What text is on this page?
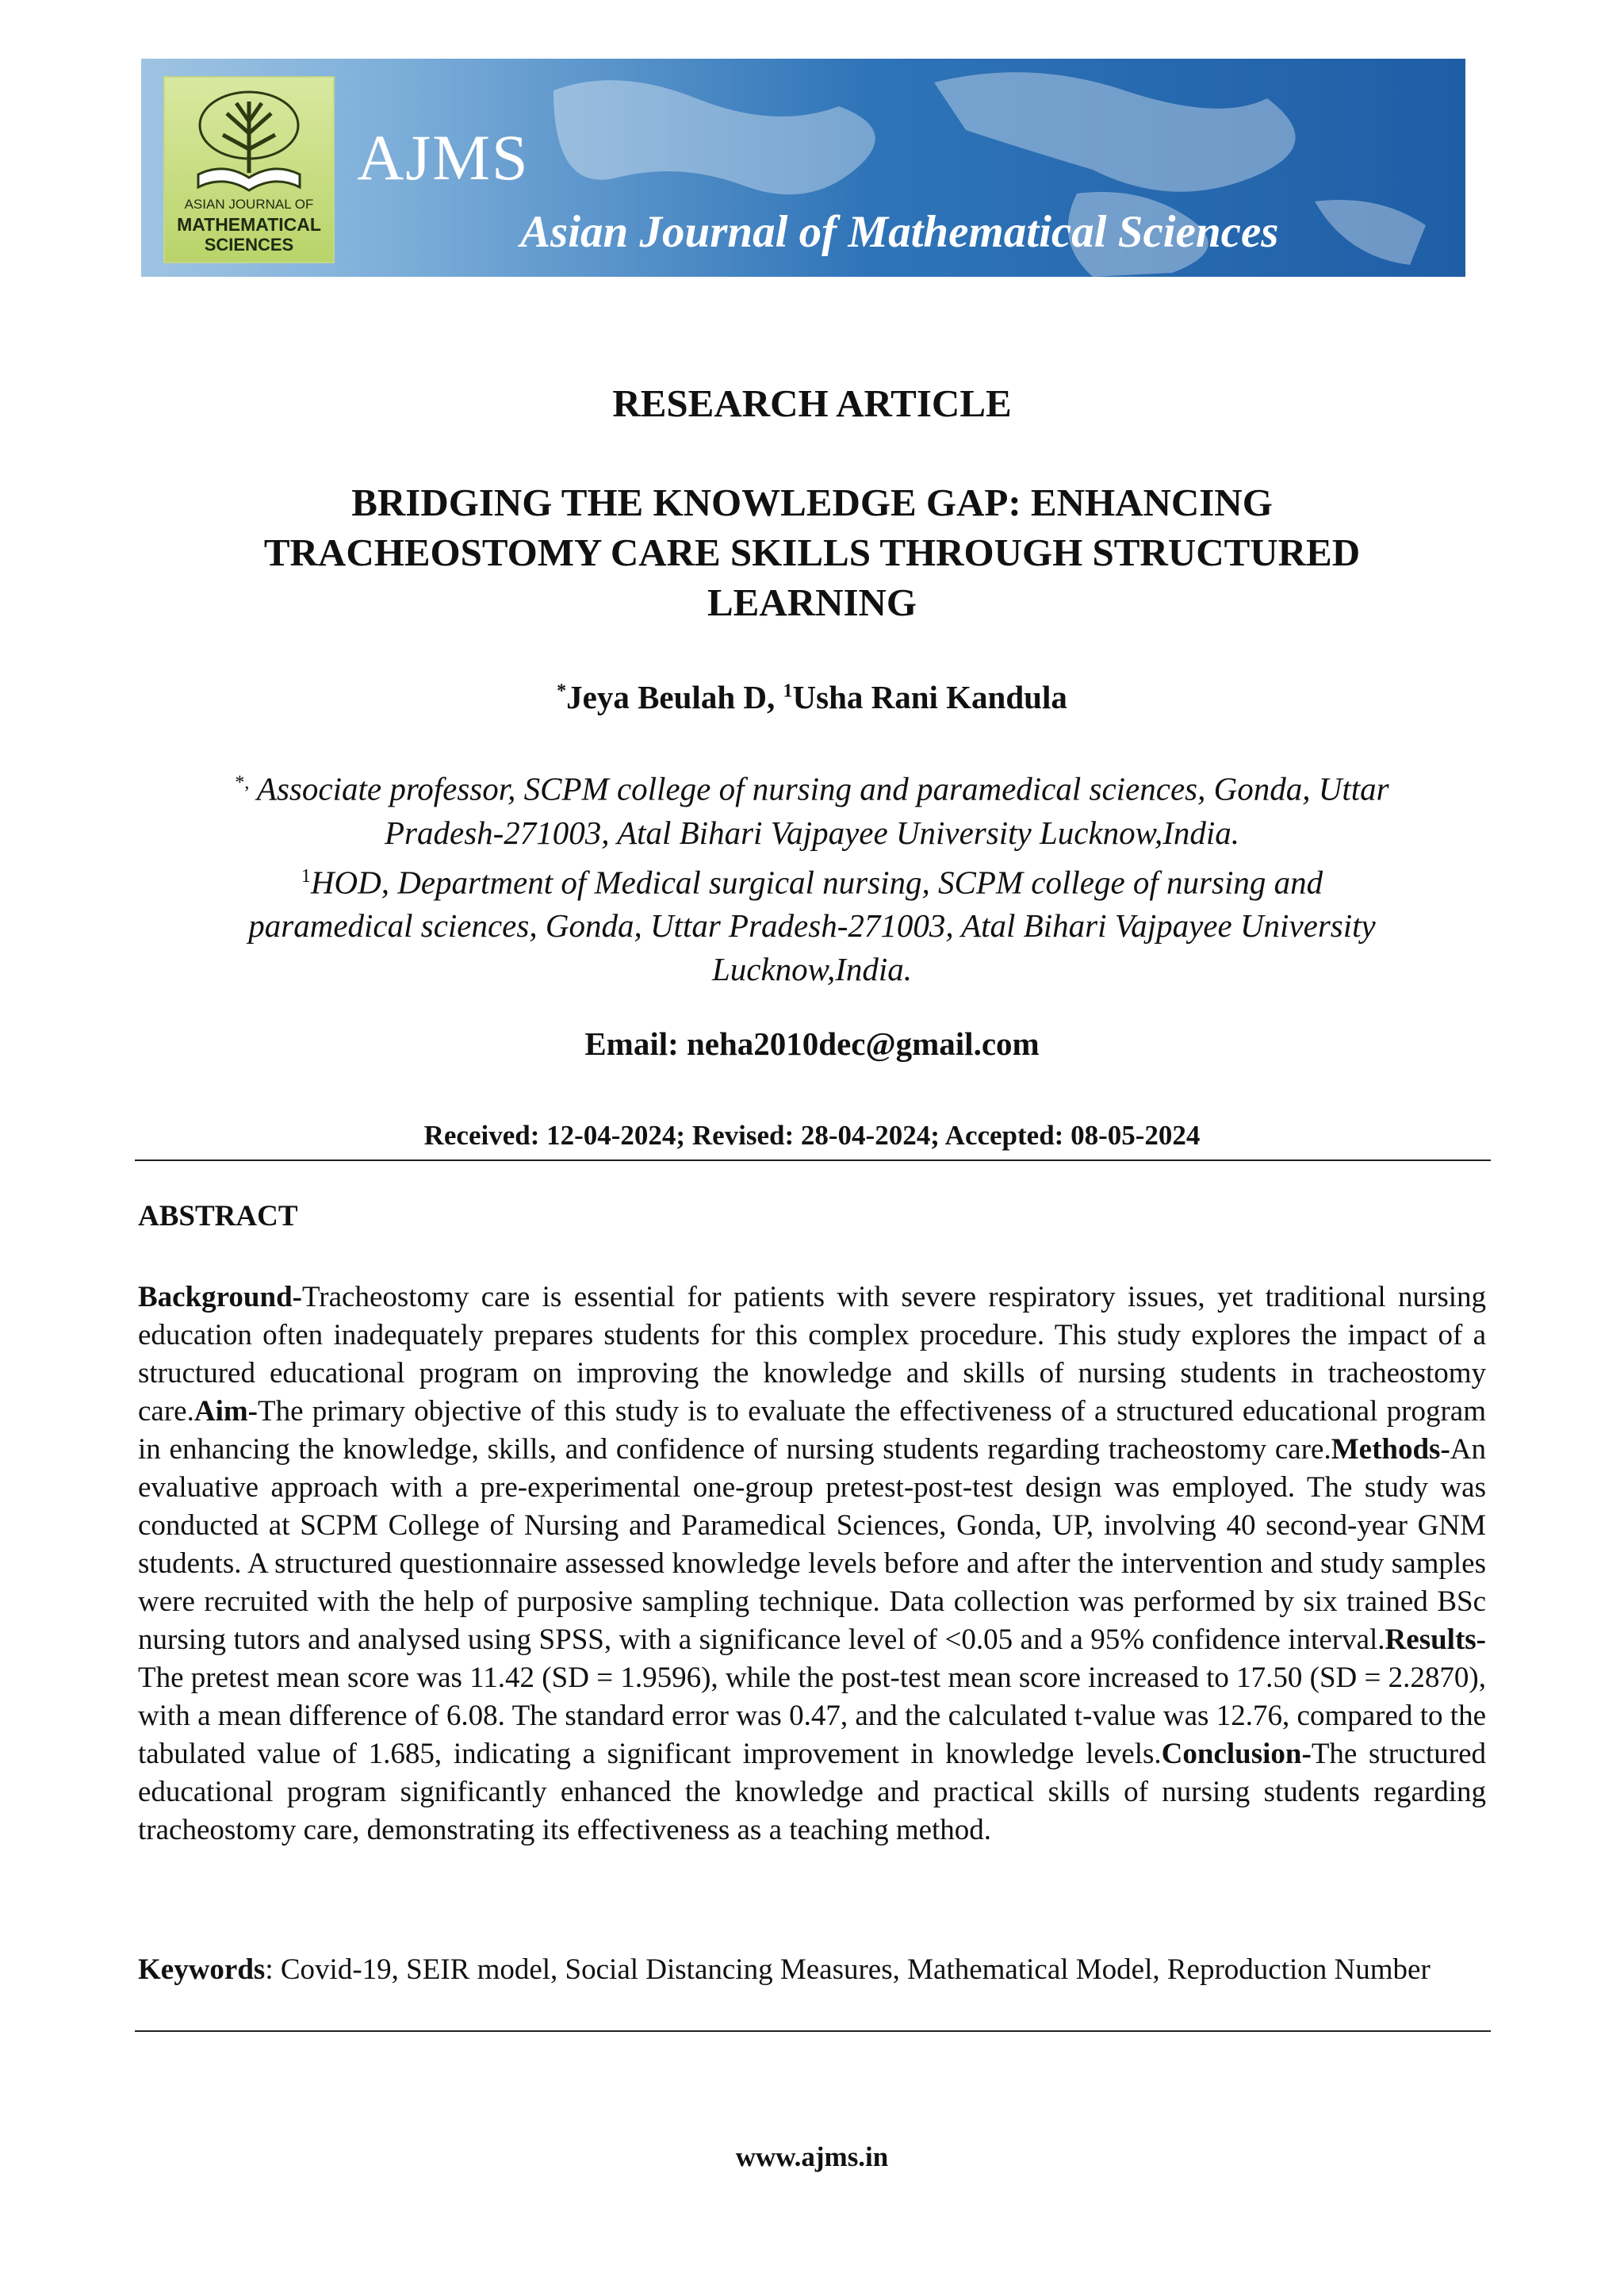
ASIAN JOURNAL OF
MATHEMATICAL
SCIENCES
AJMS
Asian Journal of Mathematical Sciences
RESEARCH ARTICLE
BRIDGING THE KNOWLEDGE GAP: ENHANCING
TRACHEOSTOMY CARE SKILLS THROUGH STRUCTURED
LEARNING
*Jeya Beulah D, $^1$Usha Rani Kandula
*, Associate professor, SCPM college of nursing and paramedical sciences, Gonda, Uttar
Pradesh-271003, Atal Bihari Vajpayee University Lucknow,India.
$^1$HOD, Department of Medical surgical nursing, SCPM college of nursing and
paramedical sciences, Gonda, Uttar Pradesh-271003, Atal Bihari Vajpayee University
Lucknow,India.
Email: neha2010dec@gmail.com
Received: 12-04-2024; Revised: 28-04-2024; Accepted: 08-05-2024
ABSTRACT
Background-Tracheostomy care is essential for patients with severe respiratory issues, yet traditional nursing education often inadequately prepares students for this complex procedure. This study explores the impact of a structured educational program on improving the knowledge and skills of nursing students in tracheostomy care.Aim-The primary objective of this study is to evaluate the effectiveness of a structured educational program in enhancing the knowledge, skills, and confidence of nursing students regarding tracheostomy care.Methods-An evaluative approach with a pre-experimental one-group pretest-post-test design was employed. The study was conducted at SCPM College of Nursing and Paramedical Sciences, Gonda, UP, involving 40 second-year GNM students. A structured questionnaire assessed knowledge levels before and after the intervention and study samples were recruited with the help of purposive sampling technique. Data collection was performed by six trained BSc nursing tutors and analysed using SPSS, with a significance level of <0.05 and a 95% confidence interval.Results-The pretest mean score was 11.42 (SD = 1.9596), while the post-test mean score increased to 17.50 (SD = 2.2870), with a mean difference of 6.08. The standard error was 0.47, and the calculated t-value was 12.76, compared to the tabulated value of 1.685, indicating a significant improvement in knowledge levels.Conclusion-The structured educational program significantly enhanced the knowledge and practical skills of nursing students regarding tracheostomy care, demonstrating its effectiveness as a teaching method.
Keywords: Covid-19, SEIR model, Social Distancing Measures, Mathematical Model, Reproduction Number
www.ajms.in
